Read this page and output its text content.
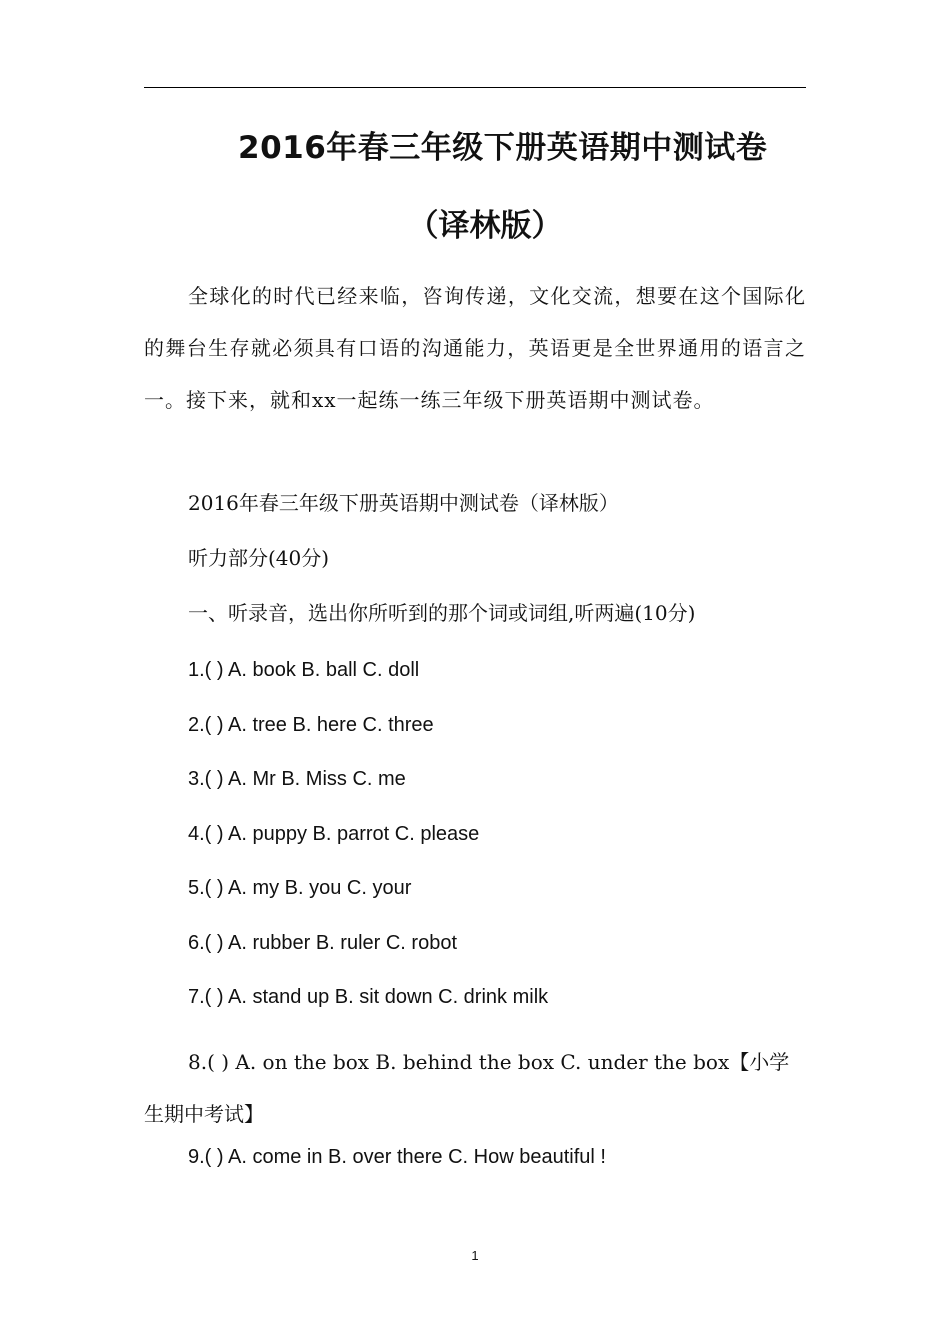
2016年春三年级下册英语期中测试卷
（译林版）

全球化的时代已经来临，咨询传递，文化交流，想要在这个国际化的舞台生存就必须具有口语的沟通能力，英语更是全世界通用的语言之一。接下来，就和xx一起练一练三年级下册英语期中测试卷。

2016年春三年级下册英语期中测试卷（译林版）

听力部分(40分)

一、听录音，选出你所听到的那个词或词组,听两遍(10分)

1.( ) A. book B. ball C. doll

2.( ) A. tree B. here C. three

3.( ) A. Mr B. Miss C. me

4.( ) A. puppy B. parrot C. please

5.( ) A. my B. you C. your

6.( ) A. rubber B. ruler C. robot

7.( ) A. stand up B. sit down C. drink milk

8.( ) A. on the box B. behind the box C. under the box【小学生期中考试】

9.( ) A. come in B. over there C. How beautiful !

1
